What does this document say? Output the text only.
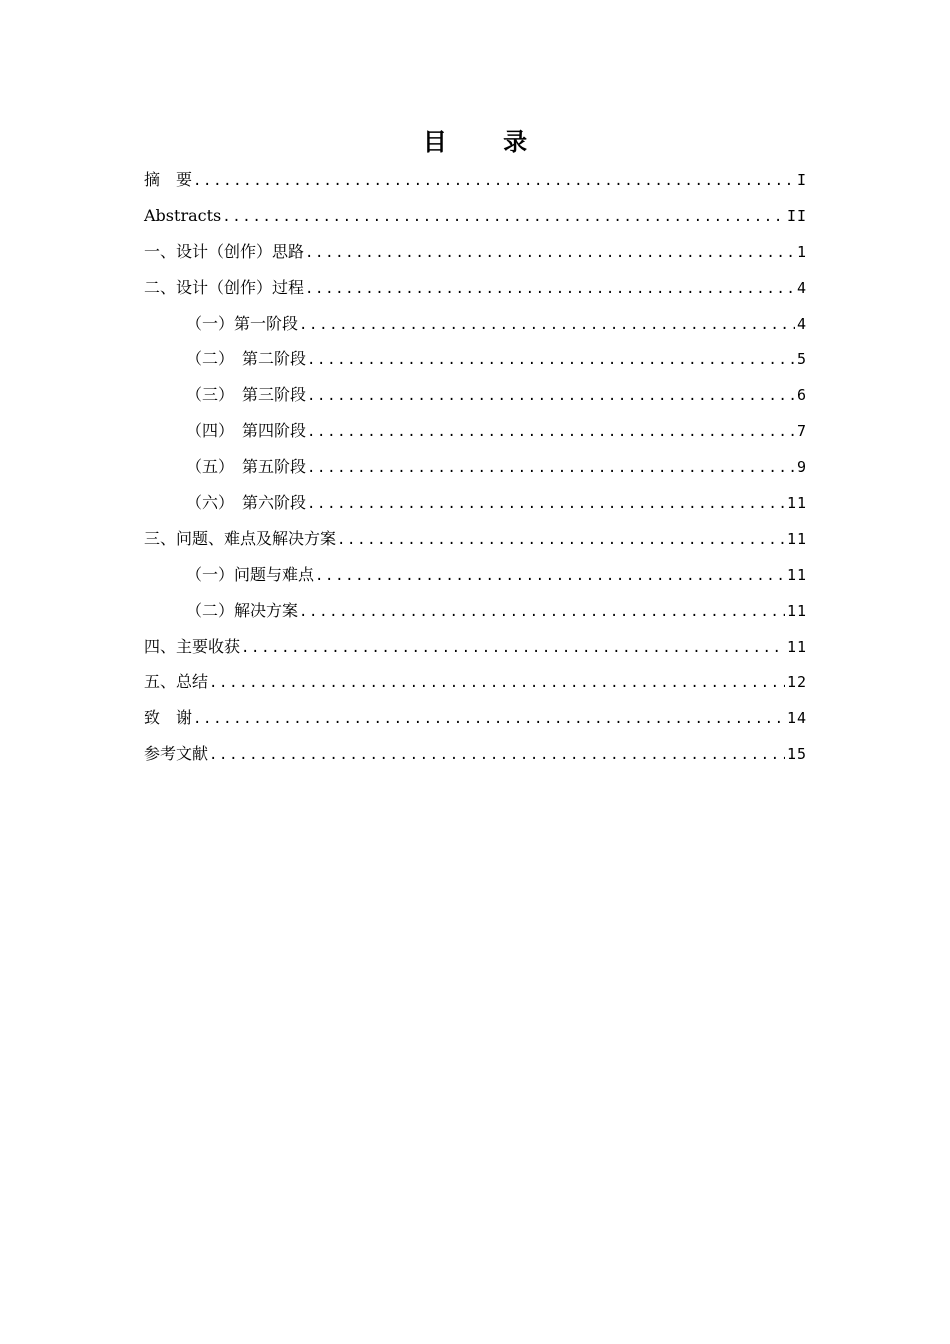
目 录
摘　要 .....	I
Abstracts .....	II
一、设计（创作）思路 .....	1
二、设计（创作）过程 .....	4
（一）第一阶段 .....	4
（二）　第二阶段 .....	5
（三）　第三阶段 .....	6
（四）　第四阶段 .....	7
（五）　第五阶段 .....	9
（六）　第六阶段 .....	11
三、问题、难点及解决方案 .....	11
（一）问题与难点 .....	11
（二）解决方案 .....	11
四、主要收获 .....	11
五、总结 .....	12
致　谢 .....	14
参考文献 .....	15
